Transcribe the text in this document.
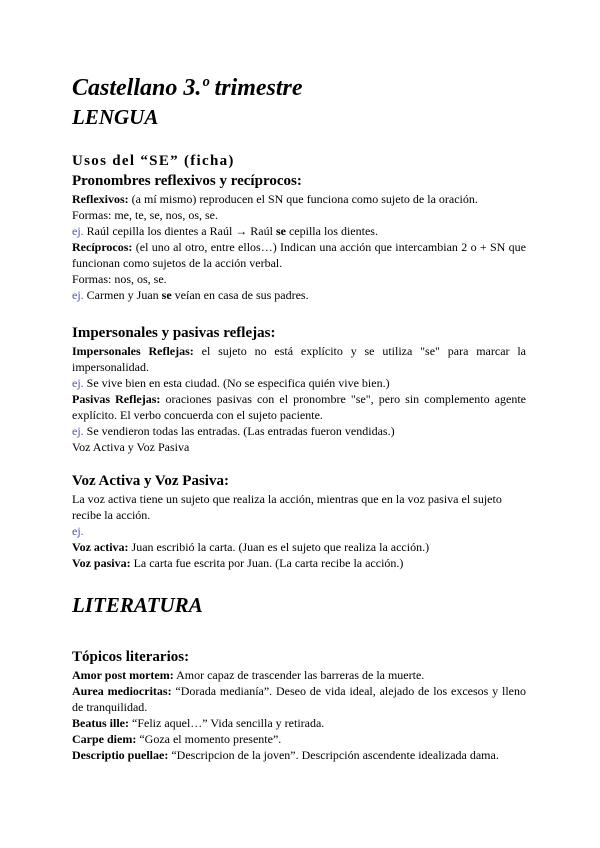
Castellano 3.º trimestre
LENGUA
Usos del “SE” (ficha)
Pronombres reflexivos y recíprocos:
Reflexivos: (a mí mismo) reproducen el SN que funciona como sujeto de la oración.
Formas: me, te, se, nos, os, se.
ej. Raúl cepilla los dientes a Raúl → Raúl se cepilla los dientes.
Recíprocos: (el uno al otro, entre ellos…) Indican una acción que intercambian 2 o + SN que
funcionan como sujetos de la acción verbal.
Formas: nos, os, se.
ej. Carmen y Juan se veían en casa de sus padres.
Impersonales y pasivas reflejas:
Impersonales Reflejas: el sujeto no está explícito y se utiliza "se" para marcar la
impersonalidad.
ej. Se vive bien en esta ciudad. (No se especifica quién vive bien.)
Pasivas Reflejas: oraciones pasivas con el pronombre "se", pero sin complemento agente
explícito. El verbo concuerda con el sujeto paciente.
ej. Se vendieron todas las entradas. (Las entradas fueron vendidas.)
Voz Activa y Voz Pasiva
Voz Activa y Voz Pasiva:
La voz activa tiene un sujeto que realiza la acción, mientras que en la voz pasiva el sujeto
recibe la acción.
ej.
Voz activa: Juan escribió la carta. (Juan es el sujeto que realiza la acción.)
Voz pasiva: La carta fue escrita por Juan. (La carta recibe la acción.)
LITERATURA
Tópicos literarios:
Amor post mortem: Amor capaz de trascender las barreras de la muerte.
Aurea mediocritas: “Dorada medianía”. Deseo de vida ideal, alejado de los excesos y lleno
de tranquilidad.
Beatus ille: “Feliz aquel…” Vida sencilla y retirada.
Carpe diem: “Goza el momento presente”.
Descriptio puellae: “Descripcion de la joven”. Descripción ascendente idealizada dama.
